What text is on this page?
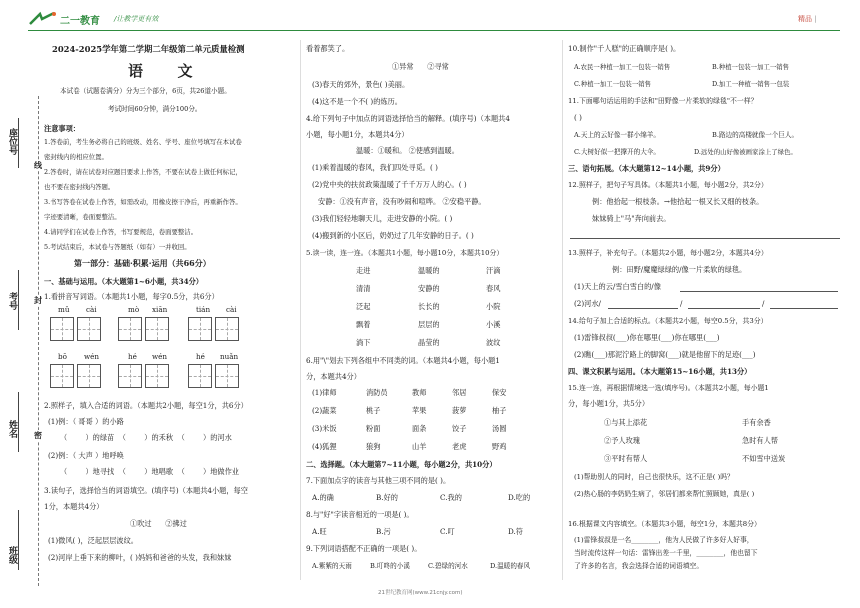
二一教育 /让教学更有效	精品 |
座位号
考号
姓名
班级
线
封
密
2024-2025学年第二学期二年级第二单元质量检测
语  文
本试卷（试题卷满分）分为三个部分，6页，共26道小题。
考试时间60分钟，满分100分。
注意事项：
1.答卷前，考生务必将自己的班级、姓名、学号、座位号填写在本试卷
密封线内的相应位置。
2.答卷时，请在试卷对应题目要求上作答，不要在试卷上做任何标记，
也不要在密封线内答题。
3.书写答卷在试卷上作答，如需改动，用橡皮擦干净后，再重新作答。
字迹要清晰，卷面要整洁。
4.请同学们在试卷上作答，书写要规范，卷面要整洁。
5.考试结束后，本试卷与答题纸（如有）一并收回。
第一部分：基础·积累·运用（共66分）
一、基础与运用。（本大题第1~6小题，共34分）
1.看拼音写词语。（本题共1小题，每字0.5分，共6分）
mǔ cài	mò xiān	tián cài
bō wén	hé wén	hé nuǎn
2.照样子，填入合适的词语。（本题共2小题，每空1分，共6分）
(1)例：（ 哥哥 ）的小路
（        ）的绿苗  （        ）的禾秋  （        ）的河水
(2)例：（ 大声 ）地呼唤
（        ）地寻找  （        ）地唱歌  （        ）地做作业
3.读句子，选择恰当的词语填空。(填序号)（本题共4小题，每空
1分，本题共4分）
①吹过      ②拂过
(1)微风( )，泛起层层波纹。
(2)河岸上垂下来的柳叶，( )妈妈和爸爸的头发，我和妹妹
看着都笑了。
①异常      ②寻常
(3)春天的郊外，景色( )美丽。
(4)这不是一个不( )的炼历。
4.给下列句子中加点的词语选择恰当的解释。(填序号)（本题共4
小题，每小题1分，本题共4分）
温暖：①暖和。 ②使感到温暖。
(1)乘着温暖的春风，我们四处寻觅。( )
(2)党中央的扶贫政策温暖了千千万万人的心。( )
安静：①没有声音，没有吵闹和喧哗。 ②安稳平静。
(3)我们轻轻地聊天儿，走进安静的小院。( )
(4)搬到新的小区后，奶奶过了几年安静的日子。( )
5.读一读，连一连。（本题共1小题，每小题10分，本题共10分）
走进
清清
泛起
飘着
淌下
温暖的
安静的
长长的
层层的
晶莹的
汗滴
春风
小院
小溪
波纹
6.用"\"划去下列各组中不同类的词。（本题共4小题，每小题1
分，本题共4分）
(1)律师	消防员	教师	邻居	保安
(2)蔬菜	桃子	苹果	菠萝	柚子
(3)米饭	粉面	面条	饺子	汤圆
(4)狐狸	狼狗	山羊	老虎	野鸡
二、选择题。（本大题第7~11小题，每小题2分，共10分）
7.下面加点字的读音与其他三项不同的是( )。
A.的确	B.好的	C.我的	D.吃的
8.与"好"字读音相近的一项是( )。
A.旺	B.污	C.叮	D.符
9.下列词语搭配不正确的一项是( )。
A.紫紫的天雨	B.叮咚的小溪	C.碧绿的河水	D.温暖的春风
10.制作"千人糕"的正确顺序是( )。
A.农民一种植一加工一包装一销售	B.种植一包装一加工一销售
C.种植一加工一包装一销售	D.加工一种植一销售一包装
11.下面哪句话运用的手法和"田野像一片柔软的绿毯"不一样？
( )
A.天上的云好像一群小绵羊。	B.路边的高楼就像一个巨人。
C.大树好似一把撑开的大伞。	D.远处的山好像被画家涂上了绿色。
三、语句拓展。（本大题第12~14小题，共9分）
12.照样子，把句子写具体。（本题共1小题，每小题2分，共2分）
例：他拾起一根枝条。→他拾起一根又长又细的枝条。
妹妹骑上"马"奔向前去。
13.照样子，补充句子。（本题共2小题，每小题2分，本题共4分）
例：田野/魔魔绿绿的/像一片柔软的绿毯。
(1)天上的云/雪白雪白的/像
(2)河水/	/	/
14.给句子加上合适的标点。（本题共2小题，每空0.5分，共3分）
(1)雷锋叔叔(___)你在哪里(___)你在哪里(___)
(2)瞧(___)那泥泞路上的脚窝(___)就是他留下的足迹(___)
四、课文积累与运用。（本大题第15~16小题，共13分）
15.连一连，再根据情境选一选(填序号)。（本题共2小题，每小题1
分，每小题1分，共5分）
①与其上添花	手有余香
②予人玫瑰	急时有人帮
③平时有帮人	不如雪中送炭
(1)帮助别人的同时，自己也很快乐，这不正是( )吗？
(2)热心肠的李奶奶生病了，邻居们都来帮忙照顾她，真是( )
16.根据课文内容填空。（本题共3小题，每空1分，本题共8分）
(1)雷锋叔叔是一名________，他为人民做了许多好人好事，
当时流传这样一句话：雷锋出差一千里，________，他也留下
了许多的名言，我会选择合适的词语填空。
21世纪教育网(www.21cnjy.com)
